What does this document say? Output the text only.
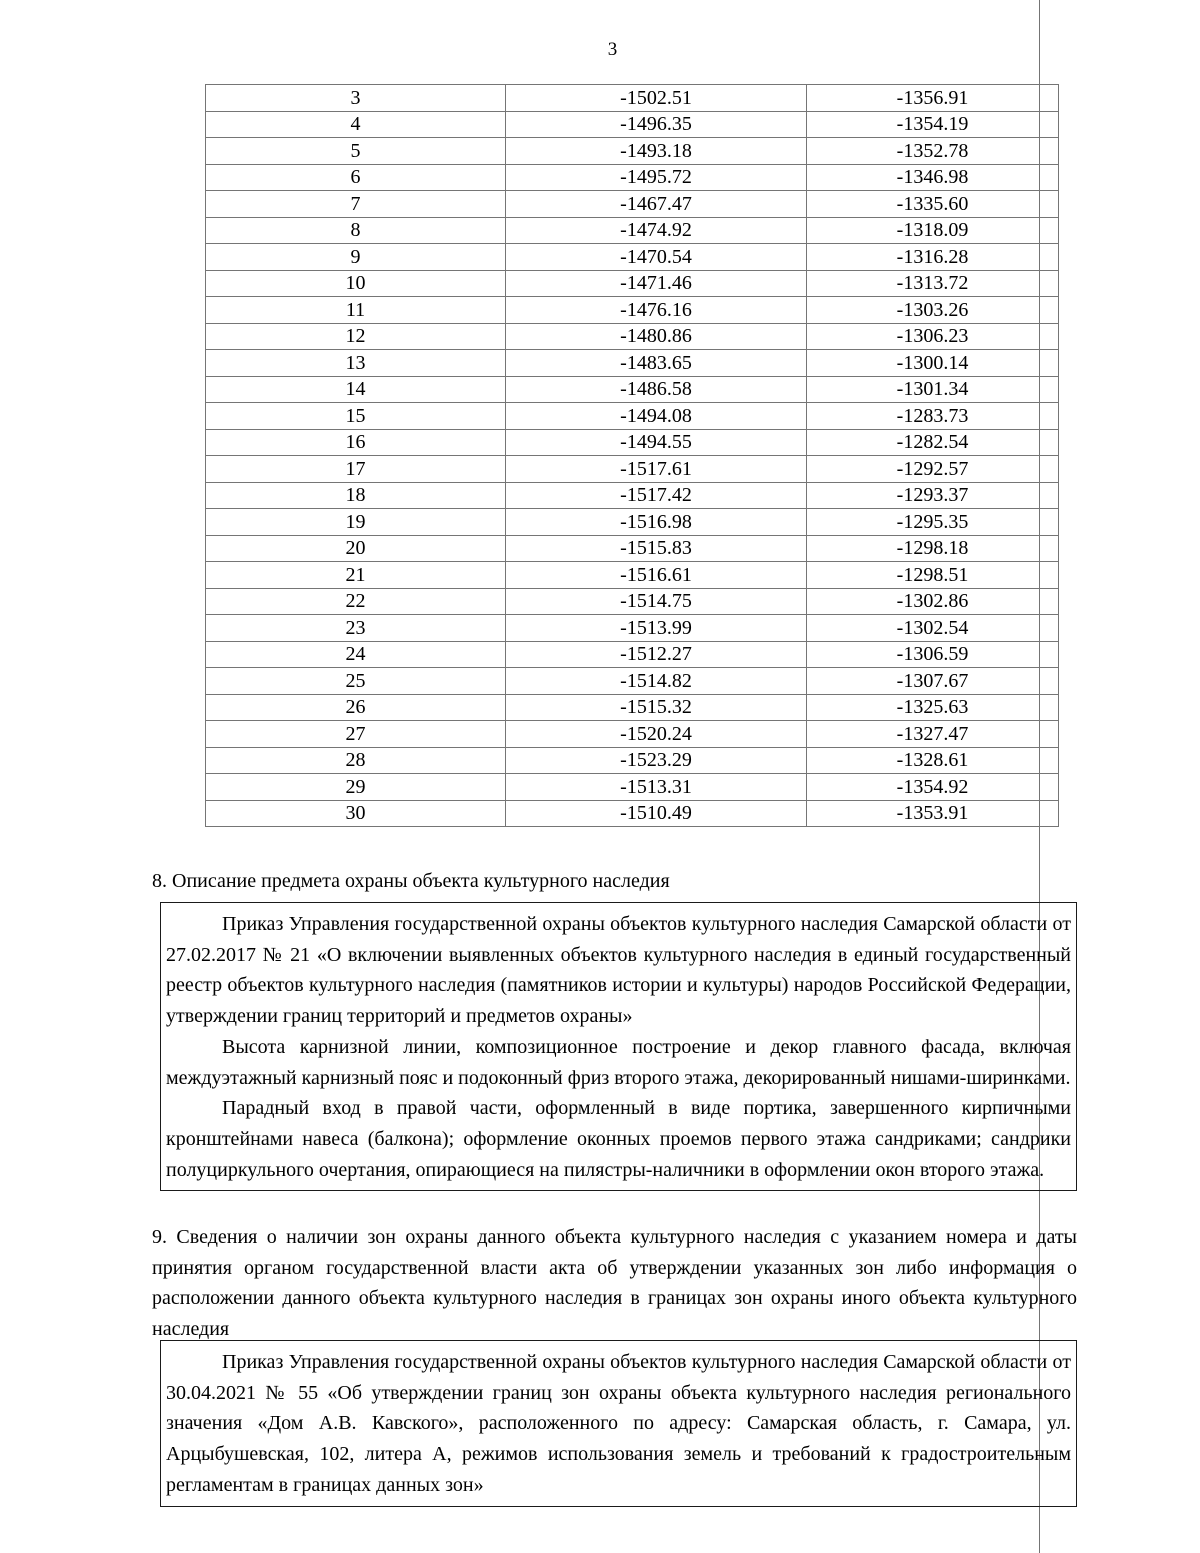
3
3	-1502.51	-1356.91
4	-1496.35	-1354.19
5	-1493.18	-1352.78
6	-1495.72	-1346.98
7	-1467.47	-1335.60
8	-1474.92	-1318.09
9	-1470.54	-1316.28
10	-1471.46	-1313.72
11	-1476.16	-1303.26
12	-1480.86	-1306.23
13	-1483.65	-1300.14
14	-1486.58	-1301.34
15	-1494.08	-1283.73
16	-1494.55	-1282.54
17	-1517.61	-1292.57
18	-1517.42	-1293.37
19	-1516.98	-1295.35
20	-1515.83	-1298.18
21	-1516.61	-1298.51
22	-1514.75	-1302.86
23	-1513.99	-1302.54
24	-1512.27	-1306.59
25	-1514.82	-1307.67
26	-1515.32	-1325.63
27	-1520.24	-1327.47
28	-1523.29	-1328.61
29	-1513.31	-1354.92
30	-1510.49	-1353.91
8. Описание предмета охраны объекта культурного наследия

Приказ Управления государственной охраны объектов культурного наследия Самарской области от 27.02.2017 № 21 «О включении выявленных объектов культурного наследия в единый государственный реестр объектов культурного наследия (памятников истории и культуры) народов Российской Федерации, утверждении границ территорий и предметов охраны»

Высота карнизной линии, композиционное построение и декор главного фасада, включая междуэтажный карнизный пояс и подоконный фриз второго этажа, декорированный нишами-ширинками.

Парадный вход в правой части, оформленный в виде портика, завершенного кирпичными кронштейнами навеса (балкона); оформление оконных проемов первого этажа сандриками; сандрики полуциркульного очертания, опирающиеся на пилястры-наличники в оформлении окон второго этажа.

9. Сведения о наличии зон охраны данного объекта культурного наследия с указанием номера и даты принятия органом государственной власти акта об утверждении указанных зон либо информация о расположении данного объекта культурного наследия в границах зон охраны иного объекта культурного наследия

Приказ Управления государственной охраны объектов культурного наследия Самарской области от 30.04.2021 № 55 «Об утверждении границ зон охраны объекта культурного наследия регионального значения «Дом А.В. Кавского», расположенного по адресу: Самарская область, г. Самара, ул. Арцыбушевская, 102, литера А, режимов использования земель и требований к градостроительным регламентам в границах данных зон»
